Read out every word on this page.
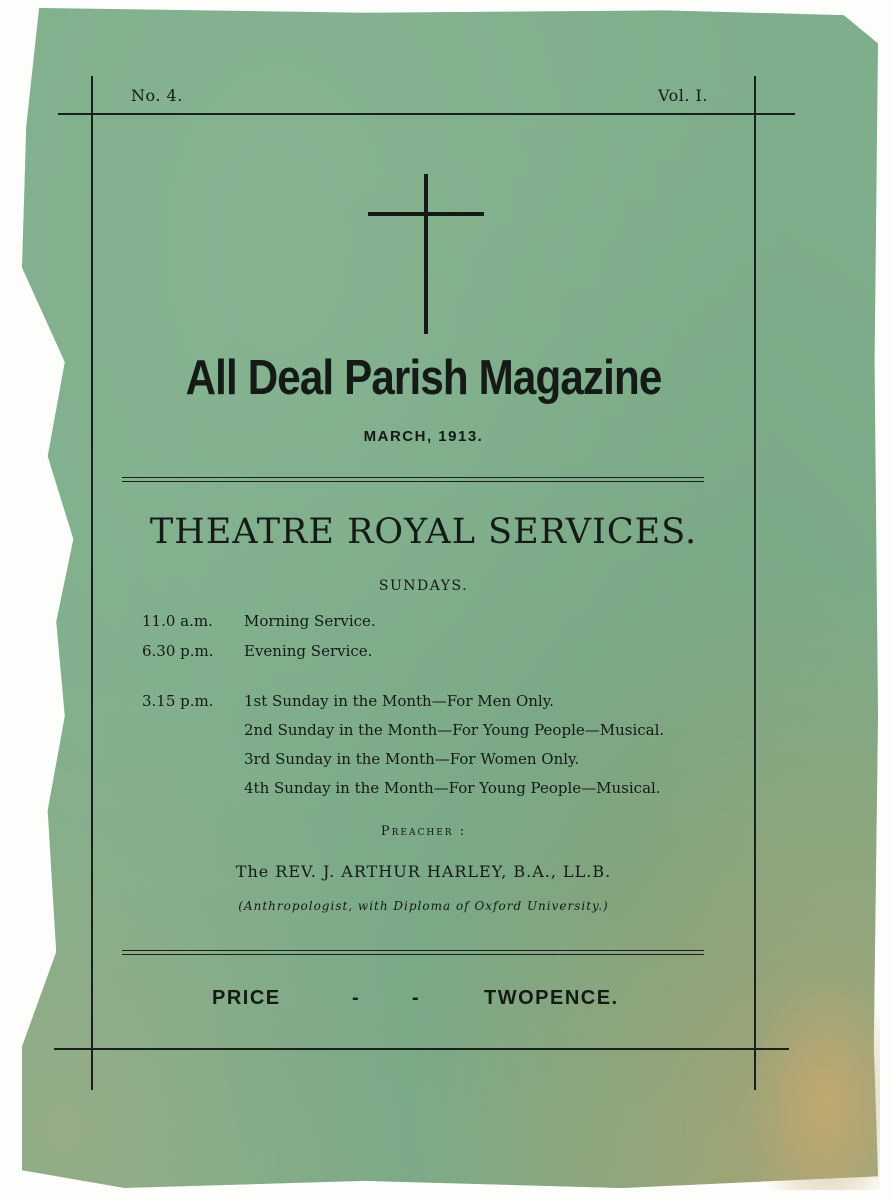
No. 4.	Vol. I.
All Deal Parish Magazine
MARCH, 1913.
THEATRE ROYAL SERVICES.
SUNDAYS.
11.0 a.m. Morning Service.
6.30 p.m. Evening Service.
3.15 p.m. 1st Sunday in the Month—For Men Only.
2nd Sunday in the Month—For Young People—Musical.
3rd Sunday in the Month—For Women Only.
4th Sunday in the Month—For Young People—Musical.
Preacher :
The REV. J. ARTHUR HARLEY, B.A., LL.B.
(Anthropologist, with Diploma of Oxford University.)
PRICE	-	-	TWOPENCE.
